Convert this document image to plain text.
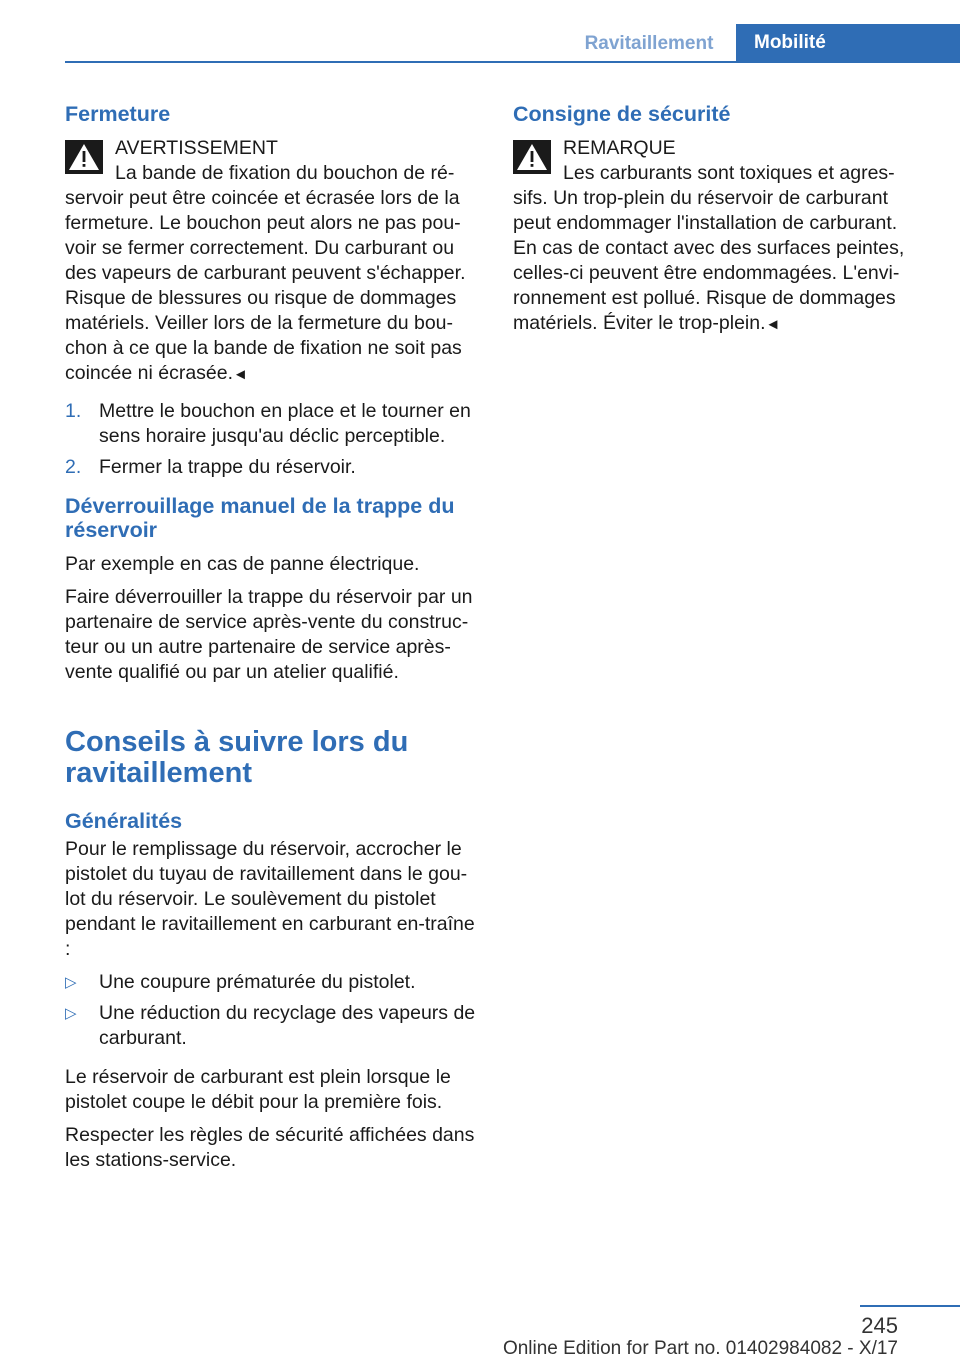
Ravitaillement	Mobilité
Fermeture
AVERTISSEMENT
La bande de fixation du bouchon de ré-servoir peut être coincée et écrasée lors de la fermeture. Le bouchon peut alors ne pas pou-voir se fermer correctement. Du carburant ou des vapeurs de carburant peuvent s'échapper. Risque de blessures ou risque de dommages matériels. Veiller lors de la fermeture du bou-chon à ce que la bande de fixation ne soit pas coincée ni écrasée.◄
1. Mettre le bouchon en place et le tourner en sens horaire jusqu'au déclic perceptible.
2. Fermer la trappe du réservoir.
Déverrouillage manuel de la trappe du réservoir

Par exemple en cas de panne électrique.

Faire déverrouiller la trappe du réservoir par un partenaire de service après-vente du construc-teur ou un autre partenaire de service après-vente qualifié ou par un atelier qualifié.

Conseils à suivre lors du ravitaillement
Généralités

Pour le remplissage du réservoir, accrocher le pistolet du tuyau de ravitaillement dans le gou-lot du réservoir. Le soulèvement du pistolet pendant le ravitaillement en carburant en-traîne :

▷ Une coupure prématurée du pistolet.
▷ Une réduction du recyclage des vapeurs de carburant.

Le réservoir de carburant est plein lorsque le pistolet coupe le débit pour la première fois.

Respecter les règles de sécurité affichées dans les stations-service.

Consigne de sécurité
REMARQUE
Les carburants sont toxiques et agres-sifs. Un trop-plein du réservoir de carburant peut endommager l'installation de carburant. En cas de contact avec des surfaces peintes, celles-ci peuvent être endommagées. L'envi-ronnement est pollué. Risque de dommages matériels. Éviter le trop-plein.◄
245
Online Edition for Part no. 01402984082 - X/17
